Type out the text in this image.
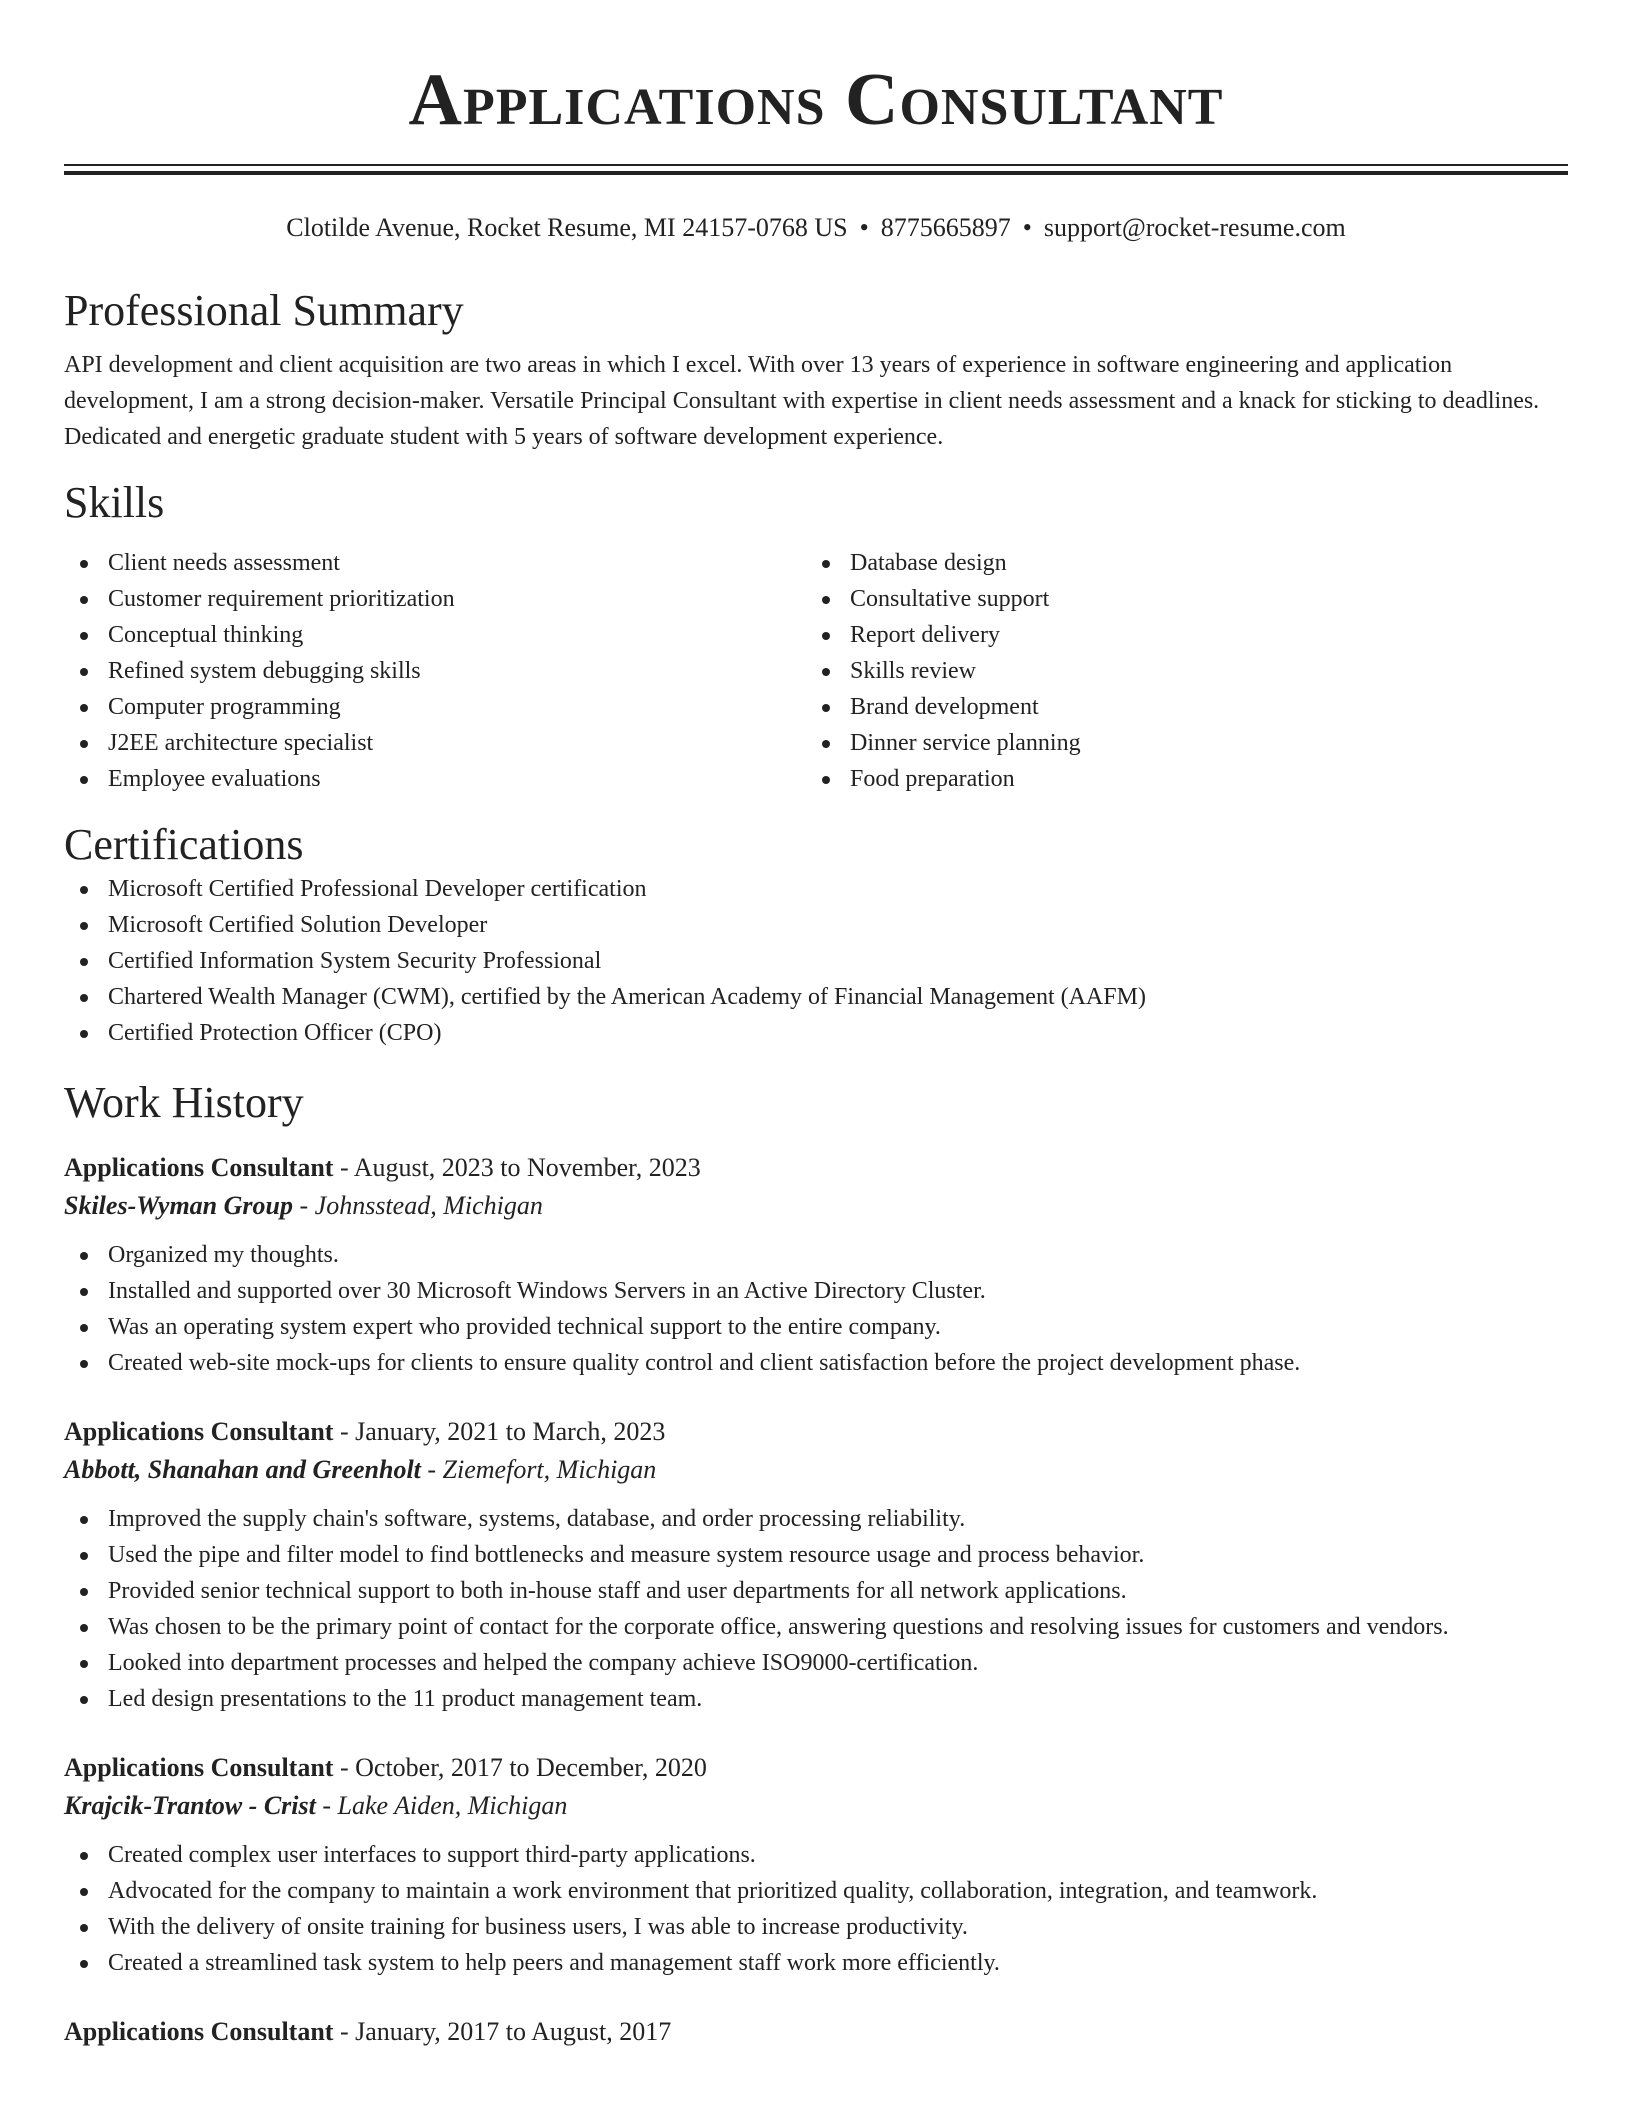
Applications Consultant
Clotilde Avenue, Rocket Resume, MI 24157-0768 US • 8775665897 • support@rocket-resume.com
Professional Summary
API development and client acquisition are two areas in which I excel. With over 13 years of experience in software engineering and application development, I am a strong decision-maker. Versatile Principal Consultant with expertise in client needs assessment and a knack for sticking to deadlines. Dedicated and energetic graduate student with 5 years of software development experience.
Skills
Client needs assessment
Customer requirement prioritization
Conceptual thinking
Refined system debugging skills
Computer programming
J2EE architecture specialist
Employee evaluations
Database design
Consultative support
Report delivery
Skills review
Brand development
Dinner service planning
Food preparation
Certifications
Microsoft Certified Professional Developer certification
Microsoft Certified Solution Developer
Certified Information System Security Professional
Chartered Wealth Manager (CWM), certified by the American Academy of Financial Management (AAFM)
Certified Protection Officer (CPO)
Work History
Applications Consultant - August, 2023 to November, 2023
Skiles-Wyman Group - Johnsstead, Michigan
Organized my thoughts.
Installed and supported over 30 Microsoft Windows Servers in an Active Directory Cluster.
Was an operating system expert who provided technical support to the entire company.
Created web-site mock-ups for clients to ensure quality control and client satisfaction before the project development phase.
Applications Consultant - January, 2021 to March, 2023
Abbott, Shanahan and Greenholt - Ziemefort, Michigan
Improved the supply chain's software, systems, database, and order processing reliability.
Used the pipe and filter model to find bottlenecks and measure system resource usage and process behavior.
Provided senior technical support to both in-house staff and user departments for all network applications.
Was chosen to be the primary point of contact for the corporate office, answering questions and resolving issues for customers and vendors.
Looked into department processes and helped the company achieve ISO9000-certification.
Led design presentations to the 11 product management team.
Applications Consultant - October, 2017 to December, 2020
Krajcik-Trantow - Crist - Lake Aiden, Michigan
Created complex user interfaces to support third-party applications.
Advocated for the company to maintain a work environment that prioritized quality, collaboration, integration, and teamwork.
With the delivery of onsite training for business users, I was able to increase productivity.
Created a streamlined task system to help peers and management staff work more efficiently.
Applications Consultant - January, 2017 to August, 2017
